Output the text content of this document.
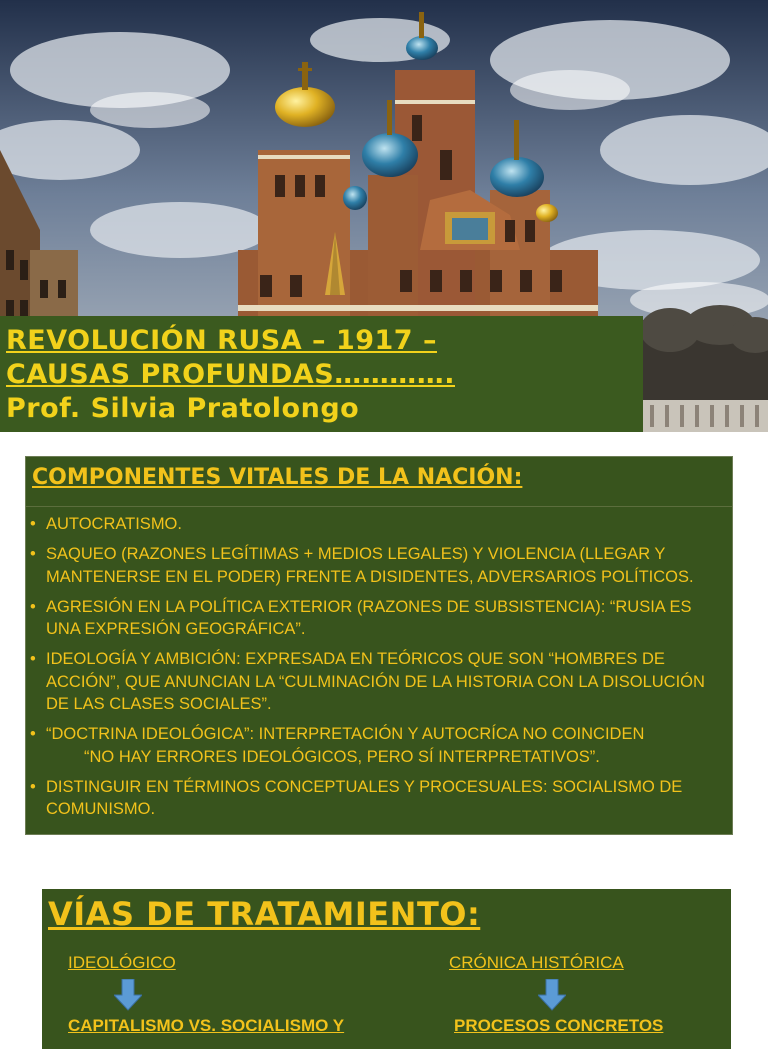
REVOLUCIÓN RUSA – 1917 –
CAUSAS PROFUNDAS………….
Prof. Silvia Pratolongo
COMPONENTES VITALES DE LA NACIÓN:
• AUTOCRATISMO.
• SAQUEO (RAZONES LEGÍTIMAS + MEDIOS LEGALES) Y VIOLENCIA (LLEGAR Y MANTENERSE EN EL PODER) FRENTE A DISIDENTES, ADVERSARIOS POLÍTICOS.
• AGRESIÓN EN LA POLÍTICA EXTERIOR (RAZONES DE SUBSISTENCIA): “RUSIA ES UNA EXPRESIÓN GEOGRÁFICA”.
• IDEOLOGÍA Y AMBICIÓN: EXPRESADA EN TEÓRICOS QUE SON “HOMBRES DE ACCIÓN”, QUE ANUNCIAN LA “CULMINACIÓN DE LA HISTORIA CON LA DISOLUCIÓN DE LAS CLASES SOCIALES”.
• “DOCTRINA IDEOLÓGICA”: INTERPRETACIÓN Y AUTOCRÍCA NO COINCIDEN
“NO HAY ERRORES IDEOLÓGICOS, PERO SÍ INTERPRETATIVOS”.
• DISTINGUIR EN TÉRMINOS CONCEPTUALES Y PROCESUALES: SOCIALISMO DE COMUNISMO.
VÍAS DE TRATAMIENTO:
IDEOLÓGICO	CRÓNICA HISTÓRICA
CAPITALISMO VS. SOCIALISMO Y	PROCESOS CONCRETOS
